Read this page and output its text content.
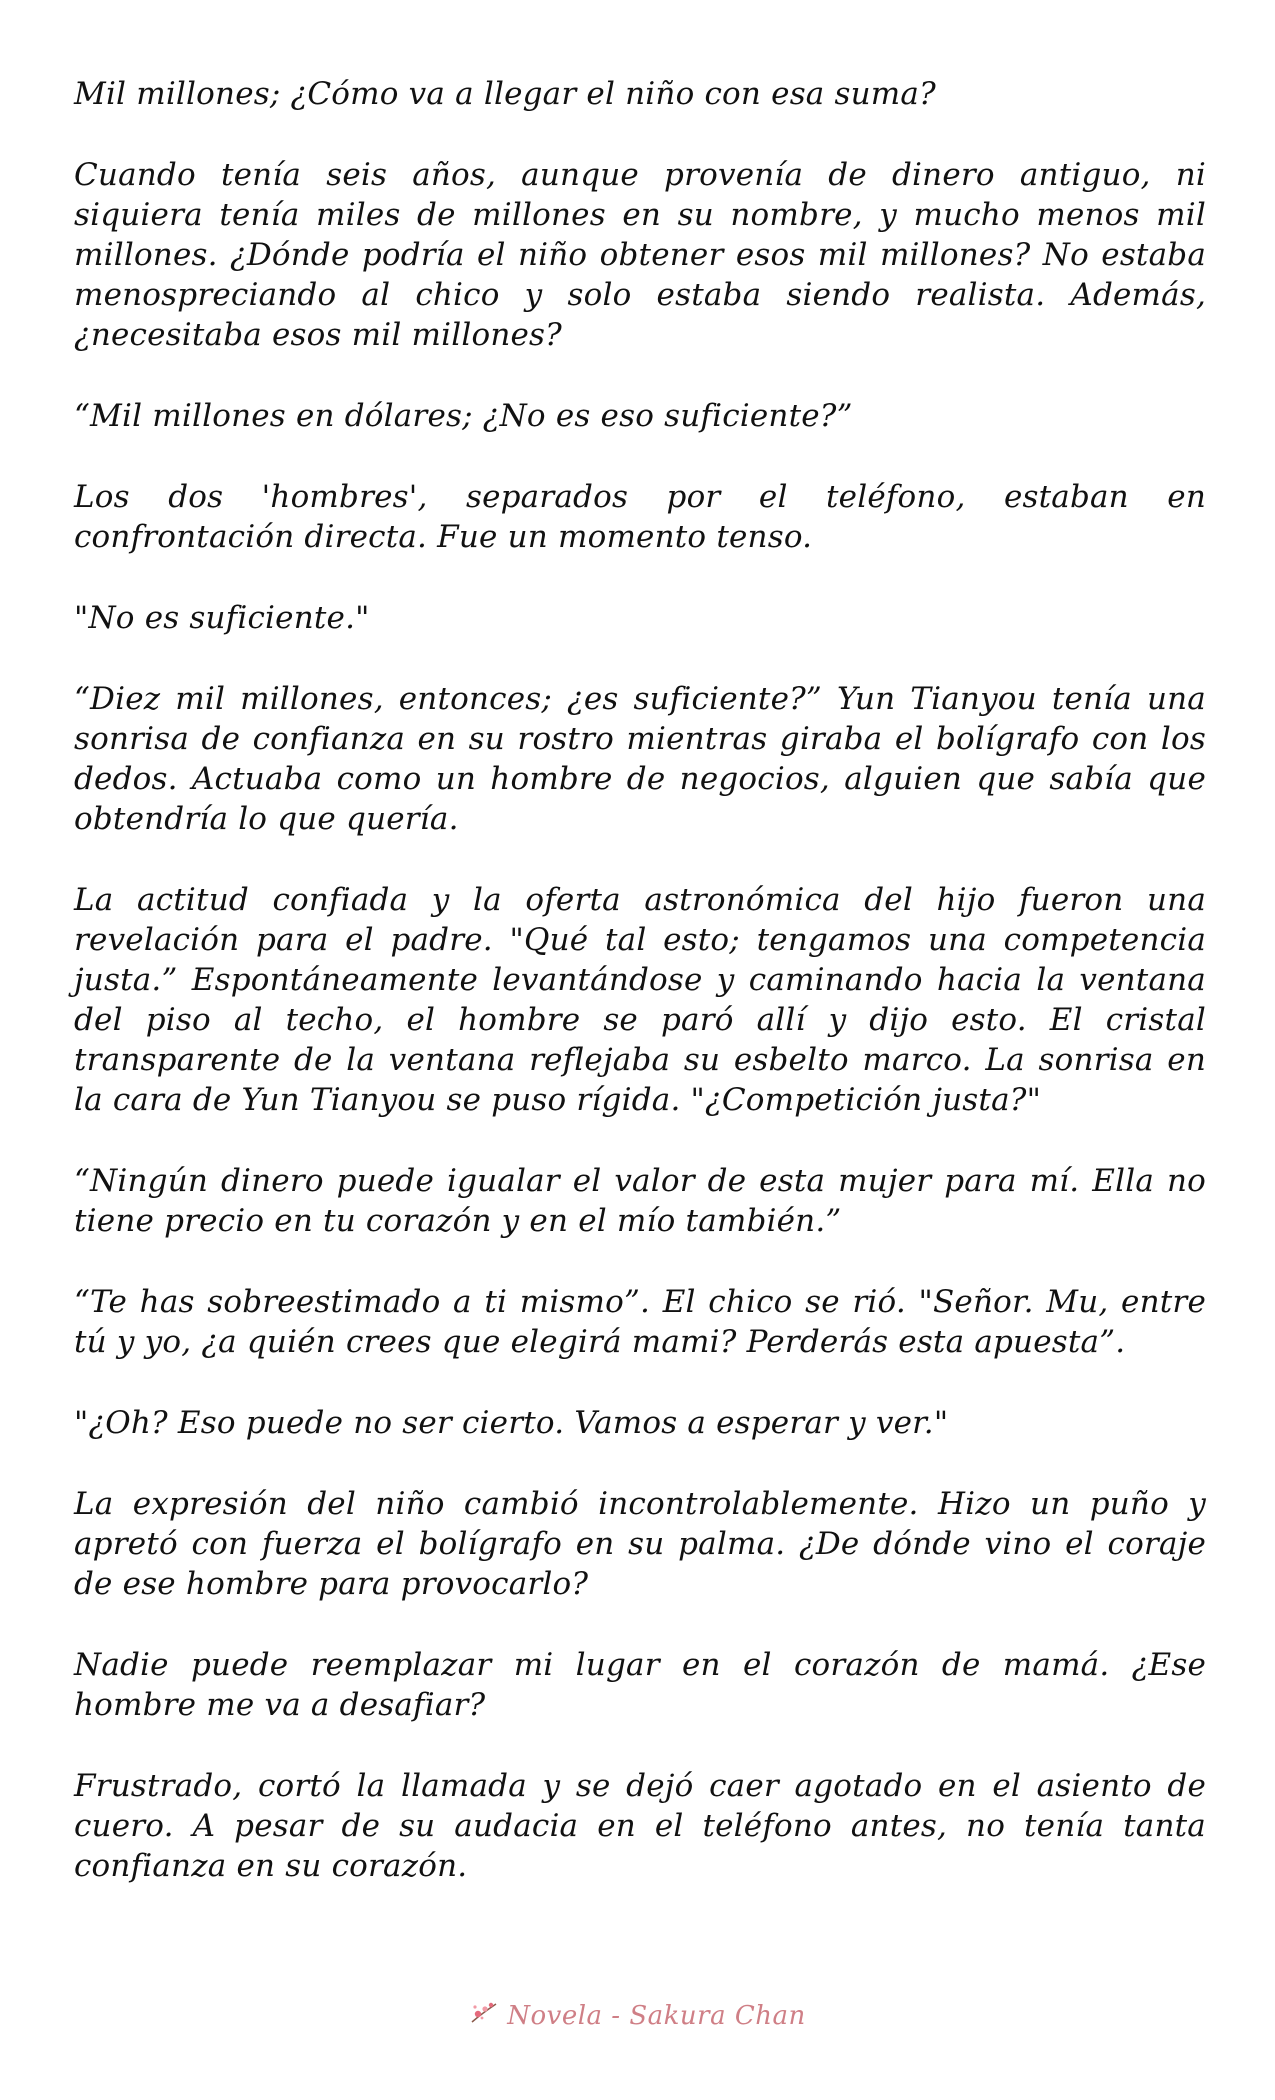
Mil millones; ¿Cómo va a llegar el niño con esa suma?

Cuando tenía seis años, aunque provenía de dinero antiguo, ni siquiera tenía miles de millones en su nombre, y mucho menos mil millones. ¿Dónde podría el niño obtener esos mil millones? No estaba menospreciando al chico y solo estaba siendo realista. Además, ¿necesitaba esos mil millones?

“Mil millones en dólares; ¿No es eso suficiente?”

Los dos 'hombres', separados por el teléfono, estaban en confrontación directa. Fue un momento tenso.

"No es suficiente."

“Diez mil millones, entonces; ¿es suficiente?” Yun Tianyou tenía una sonrisa de confianza en su rostro mientras giraba el bolígrafo con los dedos. Actuaba como un hombre de negocios, alguien que sabía que obtendría lo que quería.

La actitud confiada y la oferta astronómica del hijo fueron una revelación para el padre. "Qué tal esto; tengamos una competencia justa.” Espontáneamente levantándose y caminando hacia la ventana del piso al techo, el hombre se paró allí y dijo esto. El cristal transparente de la ventana reflejaba su esbelto marco. La sonrisa en la cara de Yun Tianyou se puso rígida. "¿Competición justa?"

“Ningún dinero puede igualar el valor de esta mujer para mí. Ella no tiene precio en tu corazón y en el mío también.”

“Te has sobreestimado a ti mismo”. El chico se rió. "Señor. Mu, entre tú y yo, ¿a quién crees que elegirá mami? Perderás esta apuesta”.

"¿Oh? Eso puede no ser cierto. Vamos a esperar y ver."

La expresión del niño cambió incontrolablemente. Hizo un puño y apretó con fuerza el bolígrafo en su palma. ¿De dónde vino el coraje de ese hombre para provocarlo?

Nadie puede reemplazar mi lugar en el corazón de mamá. ¿Ese hombre me va a desafiar?

Frustrado, cortó la llamada y se dejó caer agotado en el asiento de cuero. A pesar de su audacia en el teléfono antes, no tenía tanta confianza en su corazón.

Novela - Sakura Chan
